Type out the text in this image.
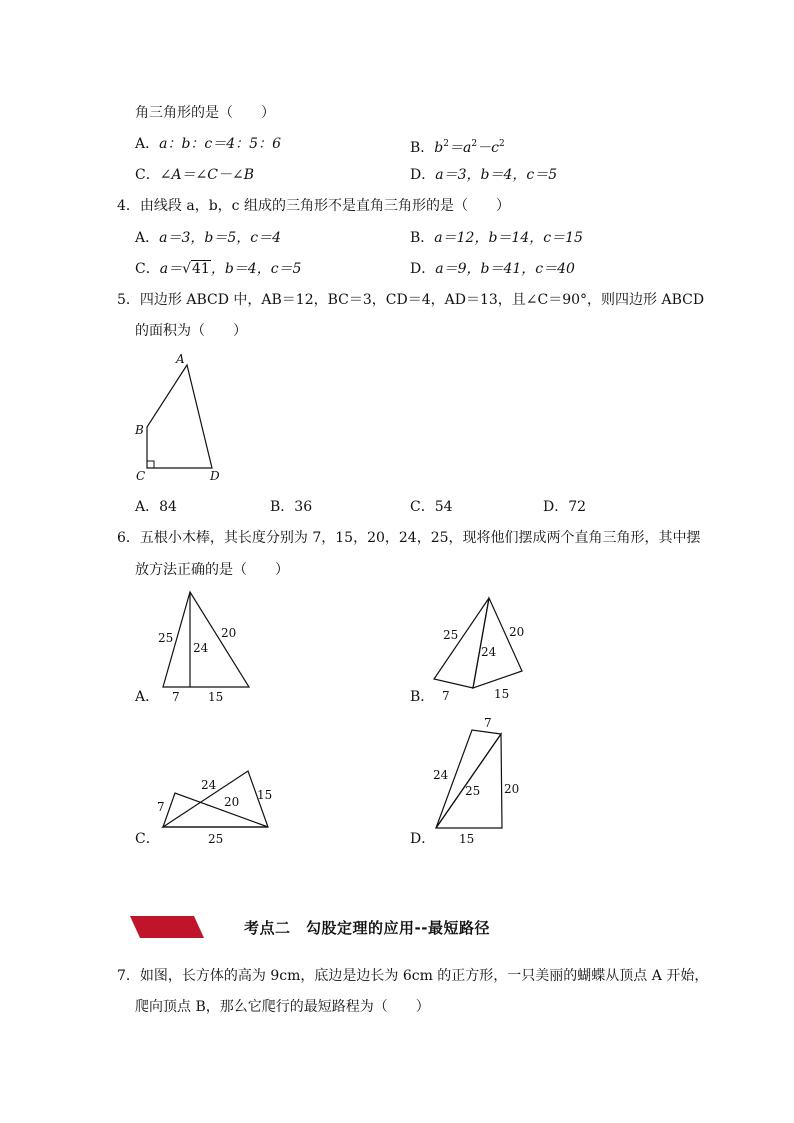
角三角形的是（　　）
A．a：b：c＝4：5：6	B．$b^2=a^2-c^2$
C．∠A＝∠C－∠B	D．a＝3，b＝4，c＝5
4．由线段 a，b，c 组成的三角形不是直角三角形的是（　　）
A．a＝3，b＝5，c＝4	B．a＝12，b＝14，c＝15
C．a＝√41，b＝4，c＝5	D．a＝9，b＝41，c＝40
5．四边形 ABCD 中，AB＝12，BC＝3，CD＝4，AD＝13，且∠C＝90°，则四边形 ABCD
的面积为（　　）
A
B
C	D
A．84	B．36	C．54	D．72
6．五根小木棒，其长度分别为 7，15，20，24，25，现将他们摆成两个直角三角形，其中摆
放方法正确的是（　　）
A．
25
24
20
7 15	B．
25
24
20
7	15
C．
7
24
20 15
25	D．
7
24
25 20
15
考点二　勾股定理的应用--最短路径
7．如图，长方体的高为 9cm，底边是边长为 6cm 的正方形，一只美丽的蝴蝶从顶点 A 开始，
爬向顶点 B，那么它爬行的最短路程为（　　）
